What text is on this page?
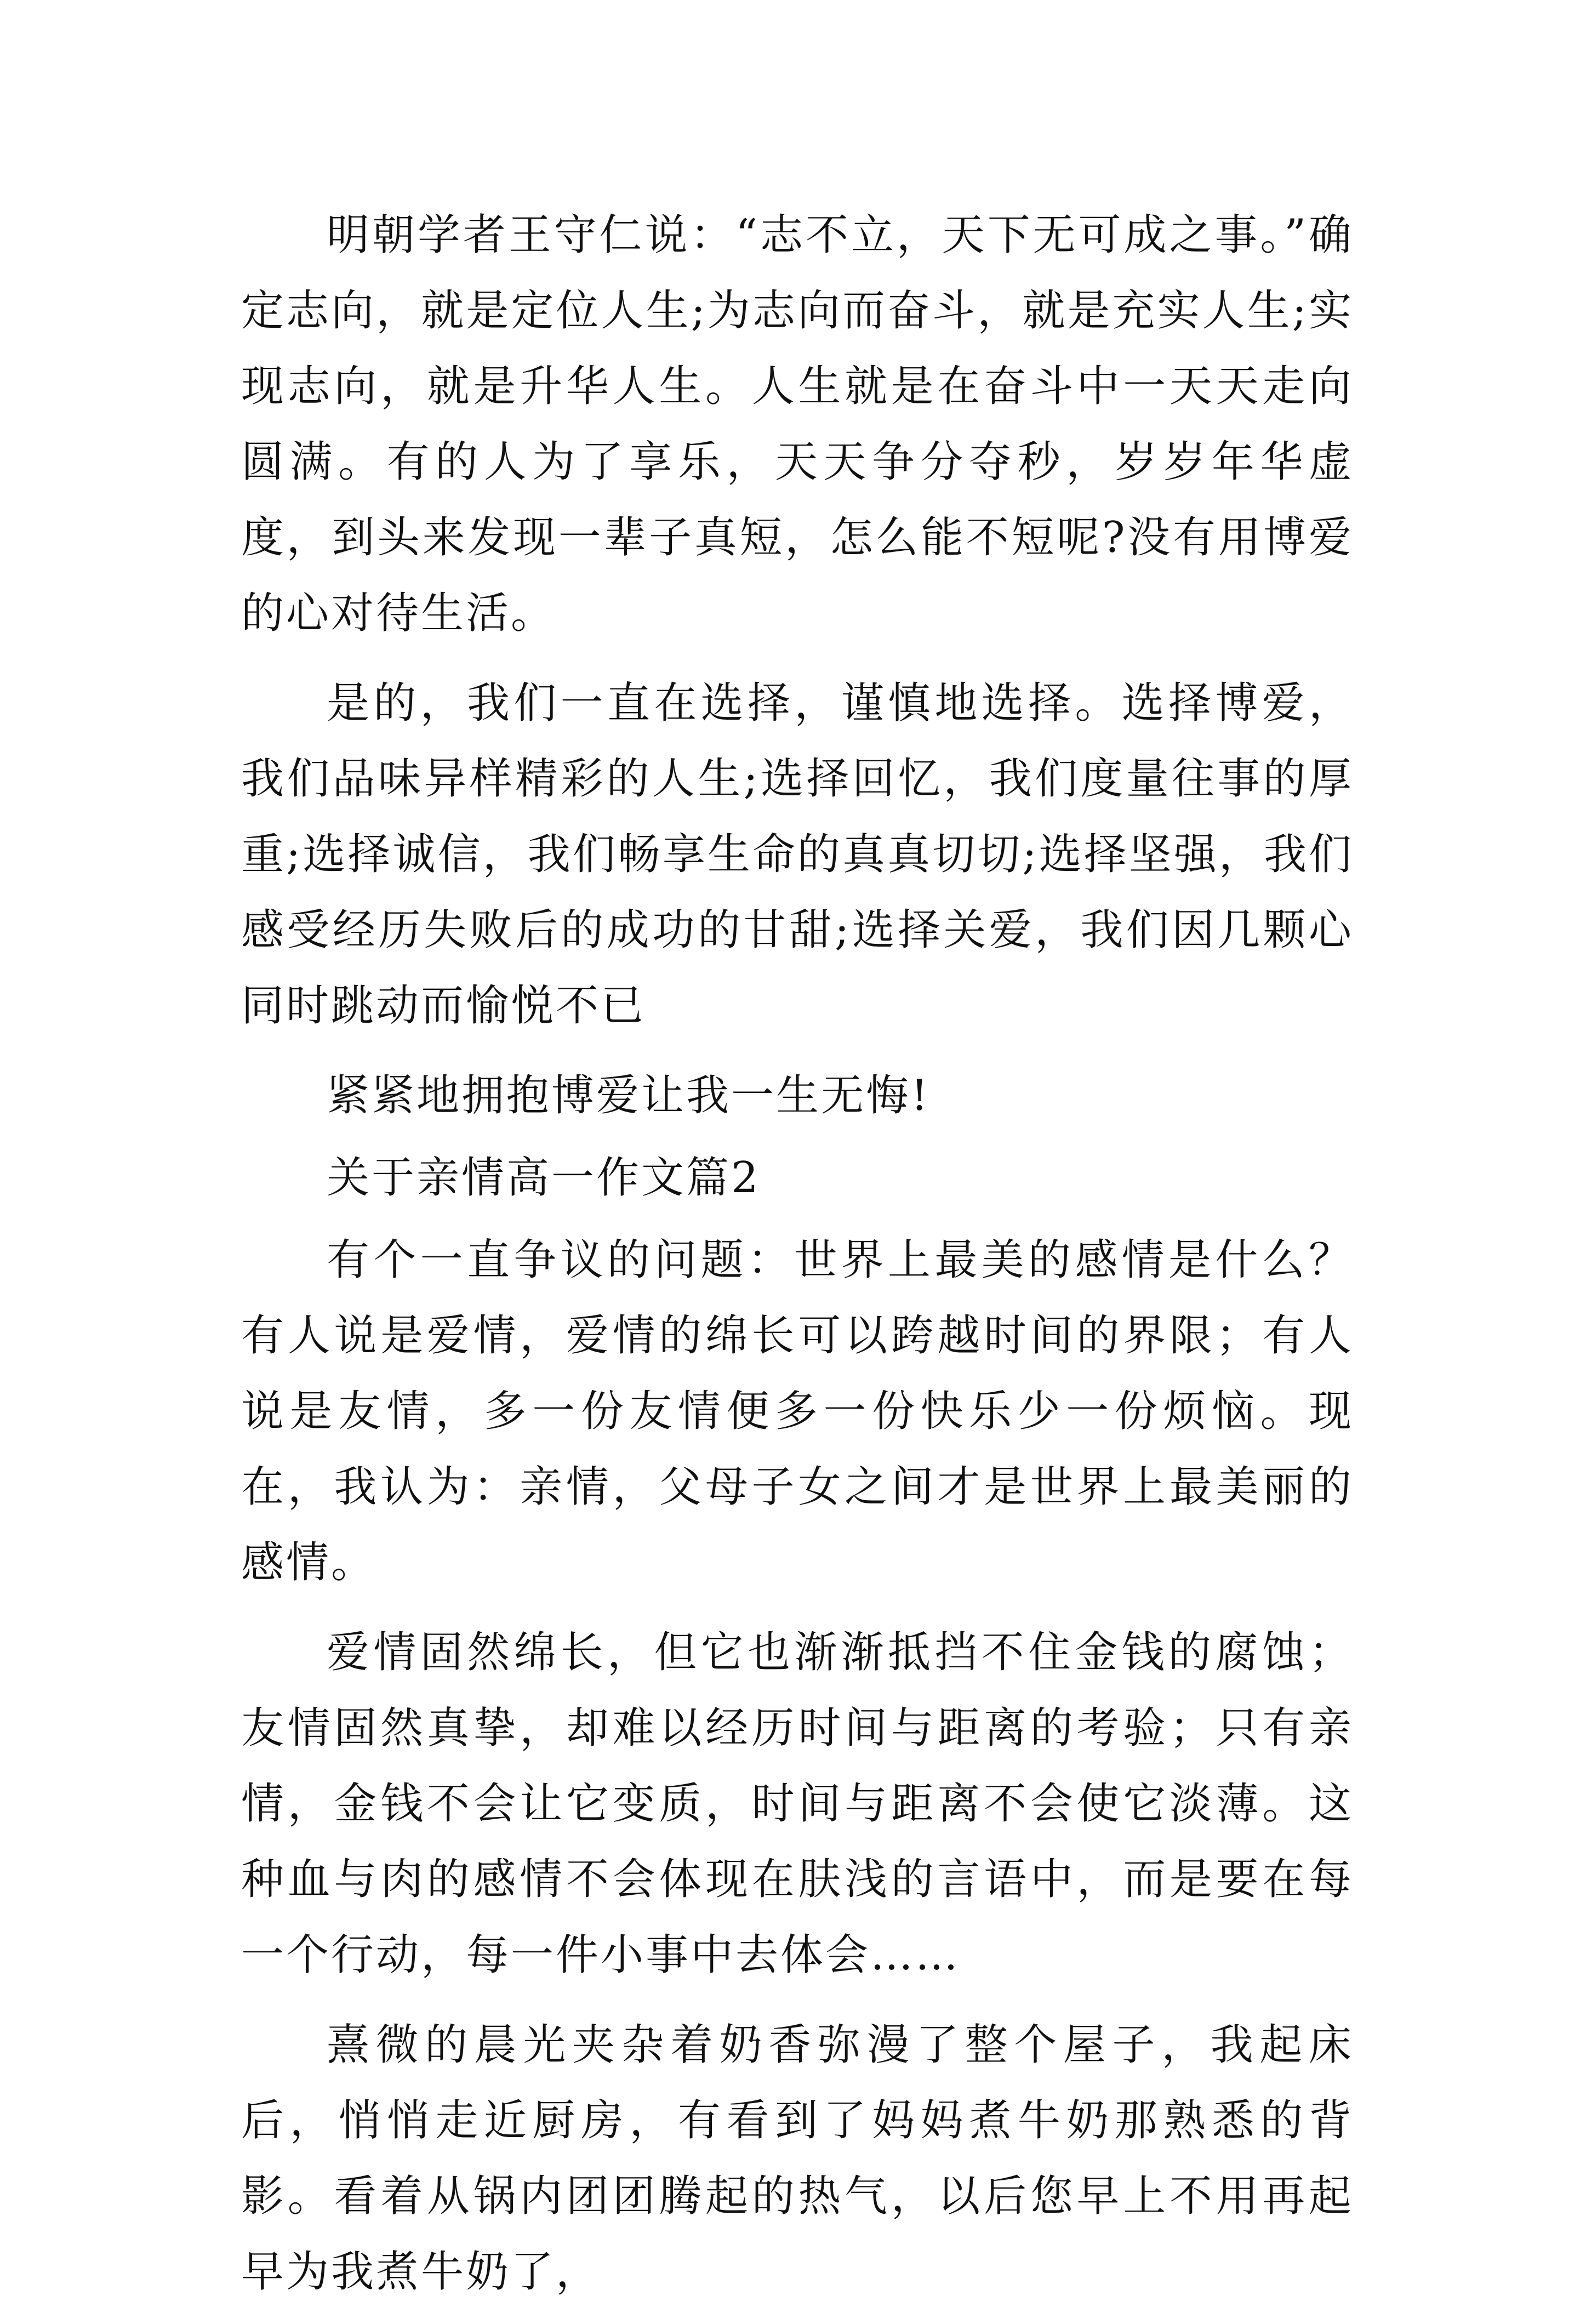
明朝学者王守仁说：“志不立，天下无可成之事。”确定志向，就是定位人生;为志向而奋斗，就是充实人生;实现志向，就是升华人生。人生就是在奋斗中一天天走向圆满。有的人为了享乐，天天争分夺秒，岁岁年华虚度，到头来发现一辈子真短，怎么能不短呢?没有用博爱的心对待生活。

是的，我们一直在选择，谨慎地选择。选择博爱，我们品味异样精彩的人生;选择回忆，我们度量往事的厚重;选择诚信，我们畅享生命的真真切切;选择坚强，我们感受经历失败后的成功的甘甜;选择关爱，我们因几颗心同时跳动而愉悦不已

紧紧地拥抱博爱让我一生无悔!

关于亲情高一作文篇2

有个一直争议的问题：世界上最美的感情是什么？有人说是爱情，爱情的绵长可以跨越时间的界限；有人说是友情，多一份友情便多一份快乐少一份烦恼。现在，我认为：亲情，父母子女之间才是世界上最美丽的感情。

爱情固然绵长，但它也渐渐抵挡不住金钱的腐蚀；友情固然真挚，却难以经历时间与距离的考验；只有亲情，金钱不会让它变质，时间与距离不会使它淡薄。这种血与肉的感情不会体现在肤浅的言语中，而是要在每一个行动，每一件小事中去体会……

熹微的晨光夹杂着奶香弥漫了整个屋子，我起床后，悄悄走近厨房，有看到了妈妈煮牛奶那熟悉的背影。看着从锅内团团腾起的热气，以后您早上不用再起早为我煮牛奶了，
